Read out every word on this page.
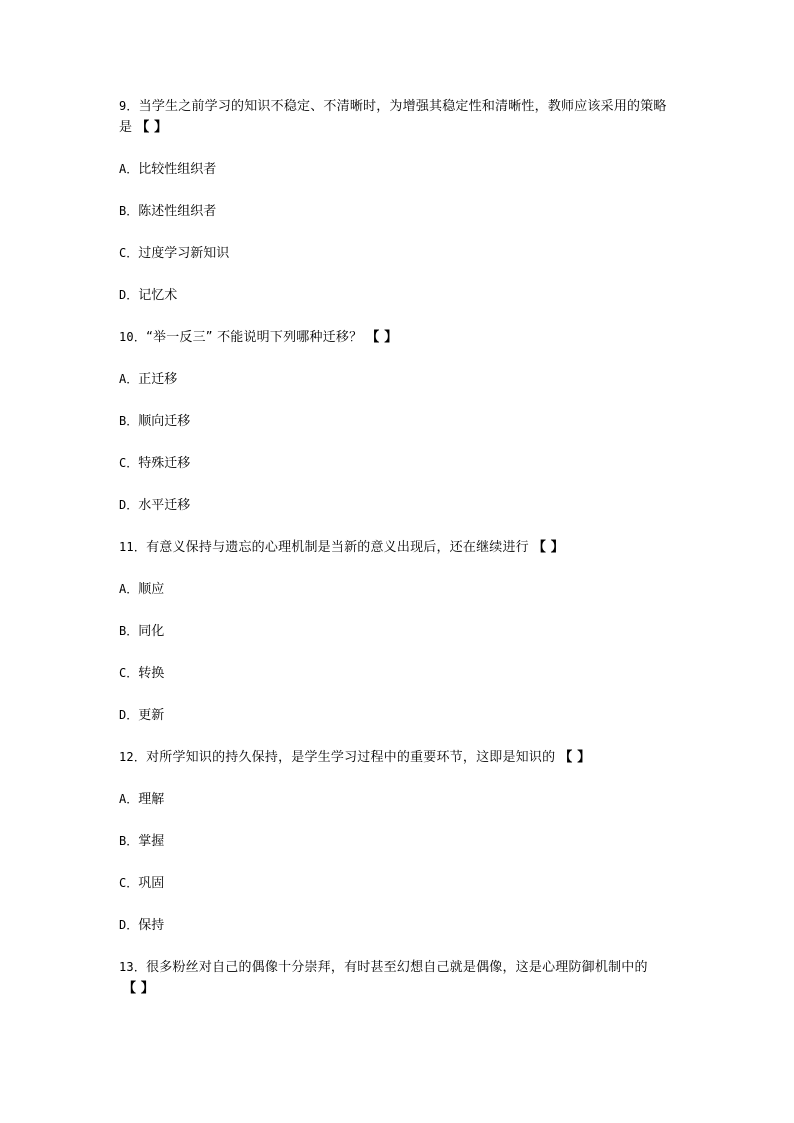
9．当学生之前学习的知识不稳定、不清晰时，为增强其稳定性和清晰性，教师应该采用的策略是 【 】

A．比较性组织者

B．陈述性组织者

C．过度学习新知识

D．记忆术

10．“举一反三” 不能说明下列哪种迁移？ 【 】

A．正迁移

B．顺向迁移

C．特殊迁移

D．水平迁移

11．有意义保持与遗忘的心理机制是当新的意义出现后，还在继续进行 【 】

A．顺应

B．同化

C．转换

D．更新

12．对所学知识的持久保持，是学生学习过程中的重要环节，这即是知识的 【 】

A．理解

B．掌握

C．巩固

D．保持

13．很多粉丝对自己的偶像十分崇拜，有时甚至幻想自己就是偶像，这是心理防御机制中的【 】
